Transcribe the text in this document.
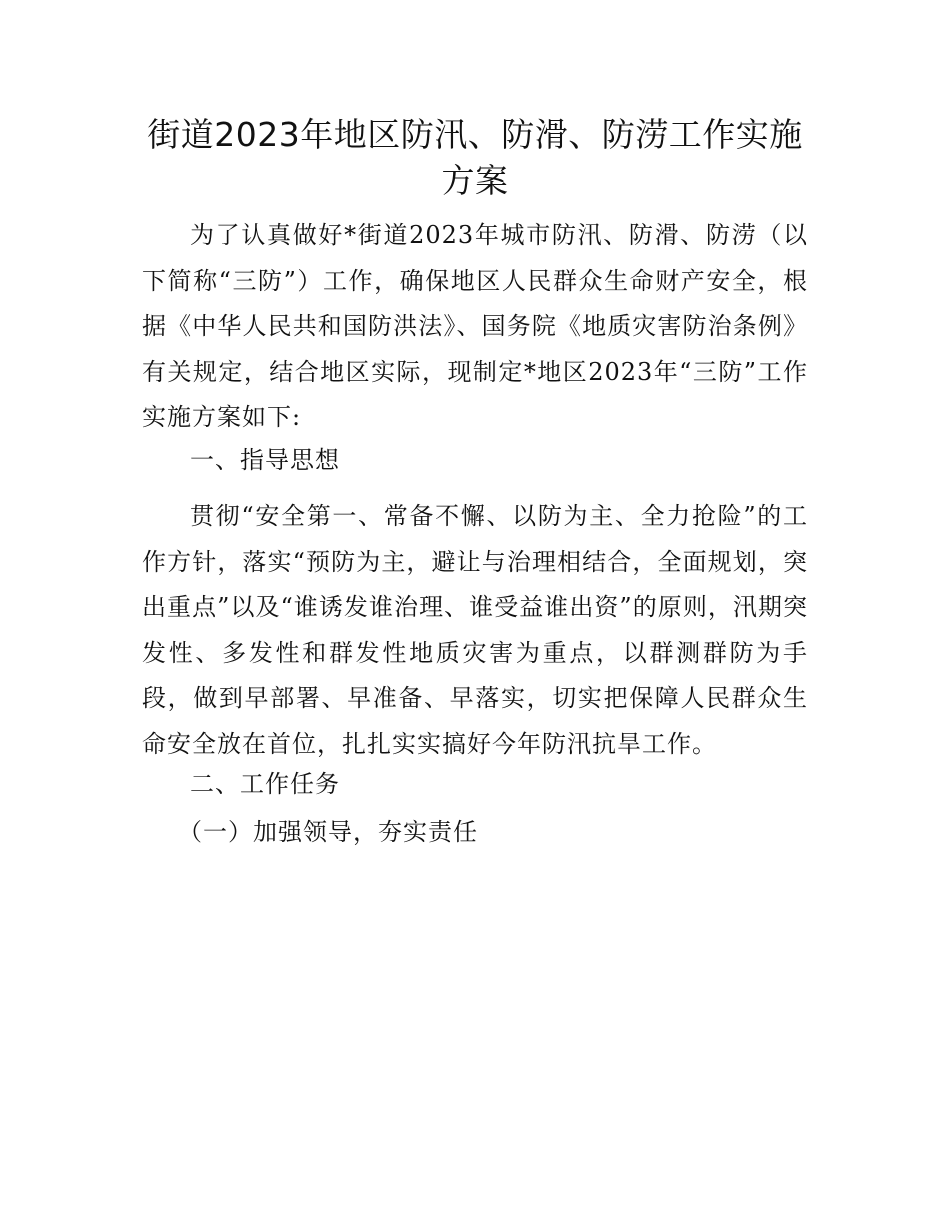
街道2023年地区防汛、防滑、防涝工作实施方案

为了认真做好*街道2023年城市防汛、防滑、防涝（以下简称“三防”）工作，确保地区人民群众生命财产安全，根据《中华人民共和国防洪法》、国务院《地质灾害防治条例》有关规定，结合地区实际，现制定*地区2023年“三防”工作实施方案如下:

一、指导思想

贯彻“安全第一、常备不懈、以防为主、全力抢险”的工作方针，落实“预防为主，避让与治理相结合，全面规划，突出重点”以及“谁诱发谁治理、谁受益谁出资”的原则，汛期突发性、多发性和群发性地质灾害为重点，以群测群防为手段，做到早部署、早准备、早落实，切实把保障人民群众生命安全放在首位，扎扎实实搞好今年防汛抗旱工作。

二、工作任务

（一）加强领导，夯实责任
